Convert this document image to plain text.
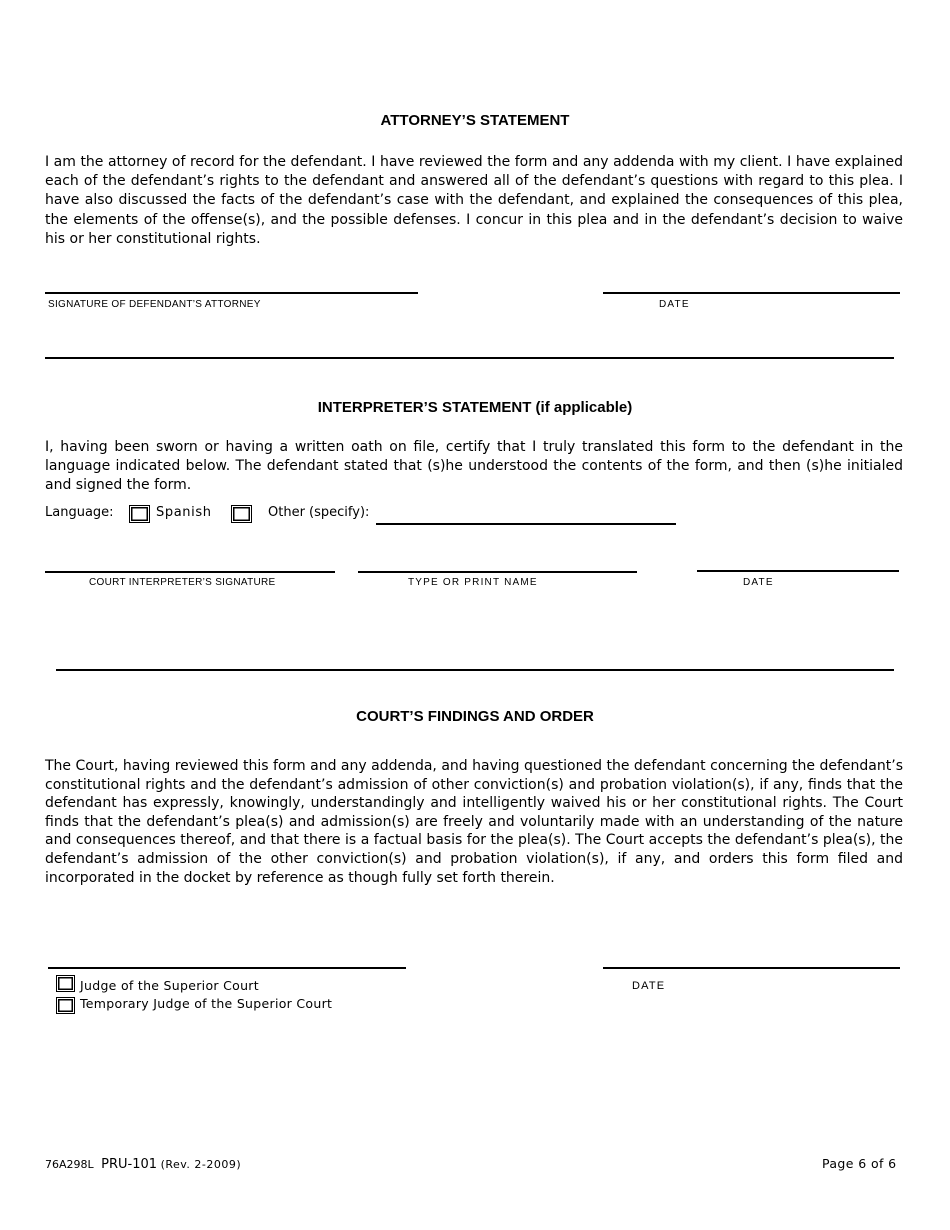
ATTORNEY’S STATEMENT
I am the attorney of record for the defendant. I have reviewed the form and any addenda with my client. I have explained each of the defendant’s rights to the defendant and answered all of the defendant’s questions with regard to this plea. I have also discussed the facts of the defendant’s case with the defendant, and explained the consequences of this plea, the elements of the offense(s), and the possible defenses. I concur in this plea and in the defendant’s decision to waive his or her constitutional rights.
SIGNATURE OF DEFENDANT’S ATTORNEY	DATE
INTERPRETER’S STATEMENT (if applicable)
I, having been sworn or having a written oath on file, certify that I truly translated this form to the defendant in the language indicated below. The defendant stated that (s)he understood the contents of the form, and then (s)he initialed and signed the form.
Language:	Spanish	Other (specify):
COURT INTERPRETER’S SIGNATURE	TYPE OR PRINT NAME	DATE
COURT’S FINDINGS AND ORDER
The Court, having reviewed this form and any addenda, and having questioned the defendant concerning the defendant’s constitutional rights and the defendant’s admission of other conviction(s) and probation violation(s), if any, finds that the defendant has expressly, knowingly, understandingly and intelligently waived his or her constitutional rights. The Court finds that the defendant’s plea(s) and admission(s) are freely and voluntarily made with an understanding of the nature and consequences thereof, and that there is a factual basis for the plea(s). The Court accepts the defendant’s plea(s), the defendant’s admission of the other conviction(s) and probation violation(s), if any, and orders this form filed and incorporated in the docket by reference as though fully set forth therein.
Judge of the Superior Court
Temporary Judge of the Superior Court
DATE
76A298L PRU-101 (Rev. 2-2009)	Page 6 of 6
